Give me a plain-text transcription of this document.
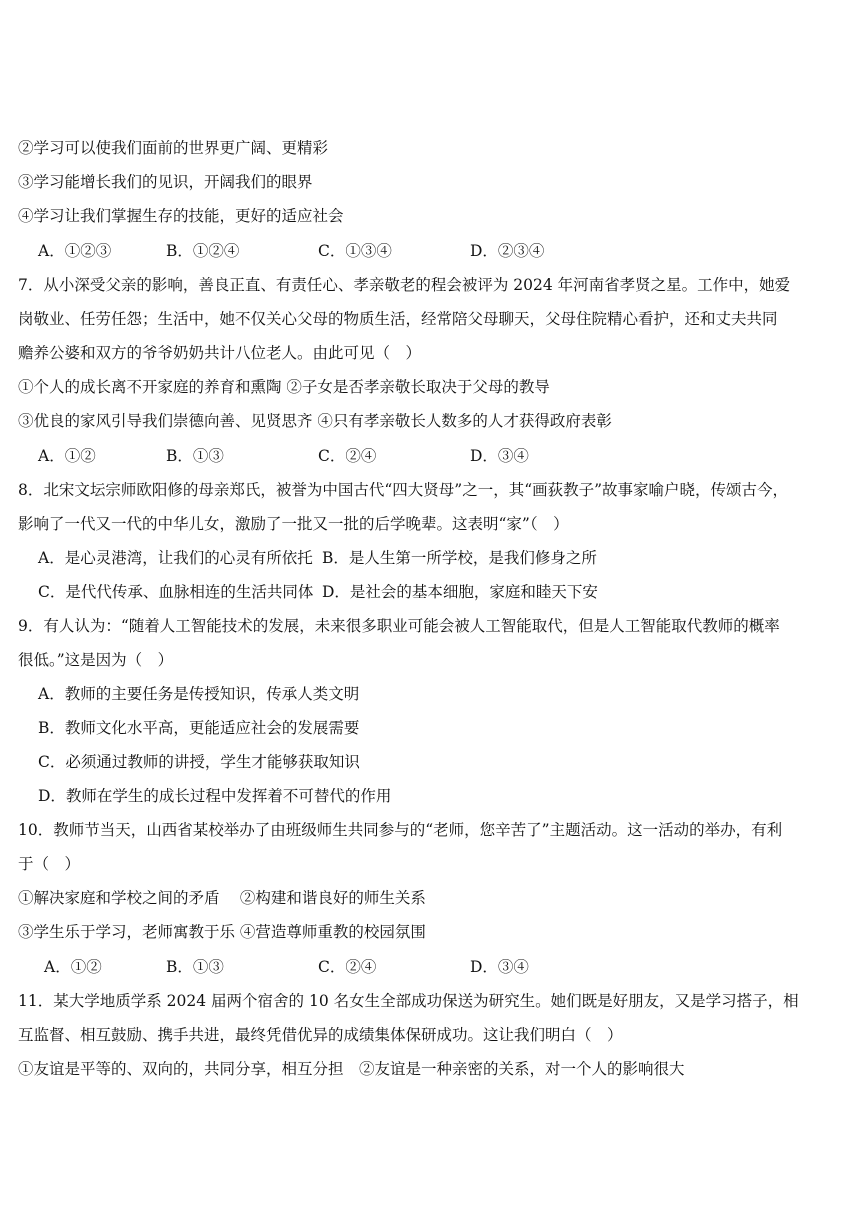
②学习可以使我们面前的世界更广阔、更精彩
③学习能增长我们的见识，开阔我们的眼界
④学习让我们掌握生存的技能，更好的适应社会
A．①②③	B．①②④	C．①③④	D．②③④
7．从小深受父亲的影响，善良正直、有责任心、孝亲敬老的程会被评为 2024 年河南省孝贤之星。工作中，她爱
岗敬业、任劳任怨；生活中，她不仅关心父母的物质生活，经常陪父母聊天，父母住院精心看护，还和丈夫共同
赡养公婆和双方的爷爷奶奶共计八位老人。由此可见（　）
①个人的成长离不开家庭的养育和熏陶 ②子女是否孝亲敬长取决于父母的教导
③优良的家风引导我们崇德向善、见贤思齐 ④只有孝亲敬长人数多的人才获得政府表彰
A．①②	B．①③	C．②④	D．③④
8．北宋文坛宗师欧阳修的母亲郑氏，被誉为中国古代“四大贤母”之一，其“画荻教子”故事家喻户晓，传颂古今，
影响了一代又一代的中华儿女，激励了一批又一批的后学晚辈。这表明“家”（　）
A．是心灵港湾，让我们的心灵有所依托 B．是人生第一所学校，是我们修身之所
C．是代代传承、血脉相连的生活共同体 D．是社会的基本细胞，家庭和睦天下安
9．有人认为：“随着人工智能技术的发展，未来很多职业可能会被人工智能取代，但是人工智能取代教师的概率
很低。”这是因为（　）
A．教师的主要任务是传授知识，传承人类文明
B．教师文化水平高，更能适应社会的发展需要
C．必须通过教师的讲授，学生才能够获取知识
D．教师在学生的成长过程中发挥着不可替代的作用
10．教师节当天，山西省某校举办了由班级师生共同参与的“老师，您辛苦了”主题活动。这一活动的举办，有利
于（　）
①解决家庭和学校之间的矛盾　 ②构建和谐良好的师生关系
③学生乐于学习，老师寓教于乐 ④营造尊师重教的校园氛围
A．①②	B．①③	C．②④	D．③④
11．某大学地质学系 2024 届两个宿舍的 10 名女生全部成功保送为研究生。她们既是好朋友，又是学习搭子，相
互监督、相互鼓励、携手共进，最终凭借优异的成绩集体保研成功。这让我们明白（　）
①友谊是平等的、双向的，共同分享，相互分担　②友谊是一种亲密的关系，对一个人的影响很大
